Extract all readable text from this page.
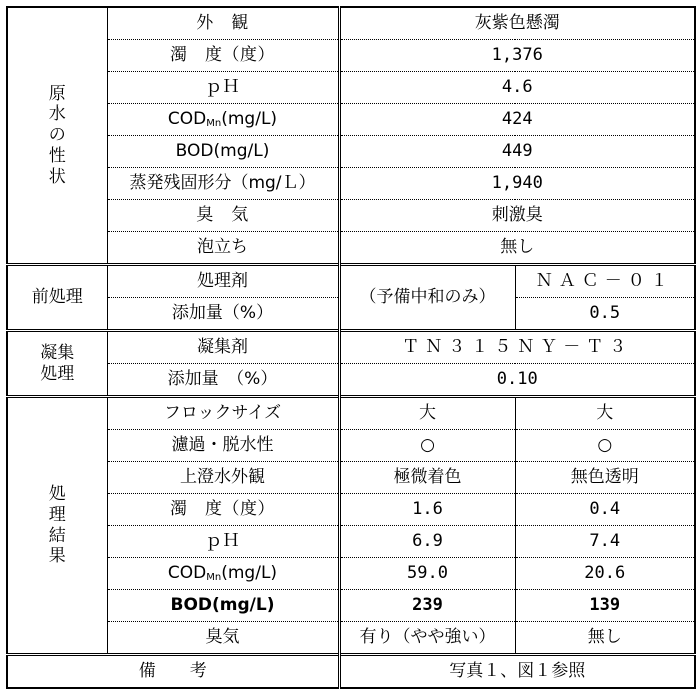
原
水
の
性
状	外　観	灰紫色懸濁	
	濁　度（度）	1,376	
	ｐＨ	4.6	
	$COD_{Mn}(mg/L)$	424	
	BOD(mg/L)	449	
	蒸発残固形分（mg/Ｌ）	1,940	
	臭　気	刺激臭	
	泡立ち	無し	
前処理	処理剤	（予備中和のみ）	ＮＡＣ－０１
	添加量（%）		0.5
凝集
処理	凝集剤	ＴＮ３１５ＮＹ－Ｔ３	
	添加量　（%）	0.10	
処
理
結
果	フロックサイズ	大	大
	濾過・脱水性	○	○
	上澄水外観	極微着色	無色透明
	濁　度（度）	1.6	0.4
	ｐＨ	6.9	7.4
	$COD_{Mn}(mg/L)$	59.0	20.6
	BOD(mg/L)	239	139
	臭気	有り（やや強い）	無し
備　　考		写真１、図１参照	
